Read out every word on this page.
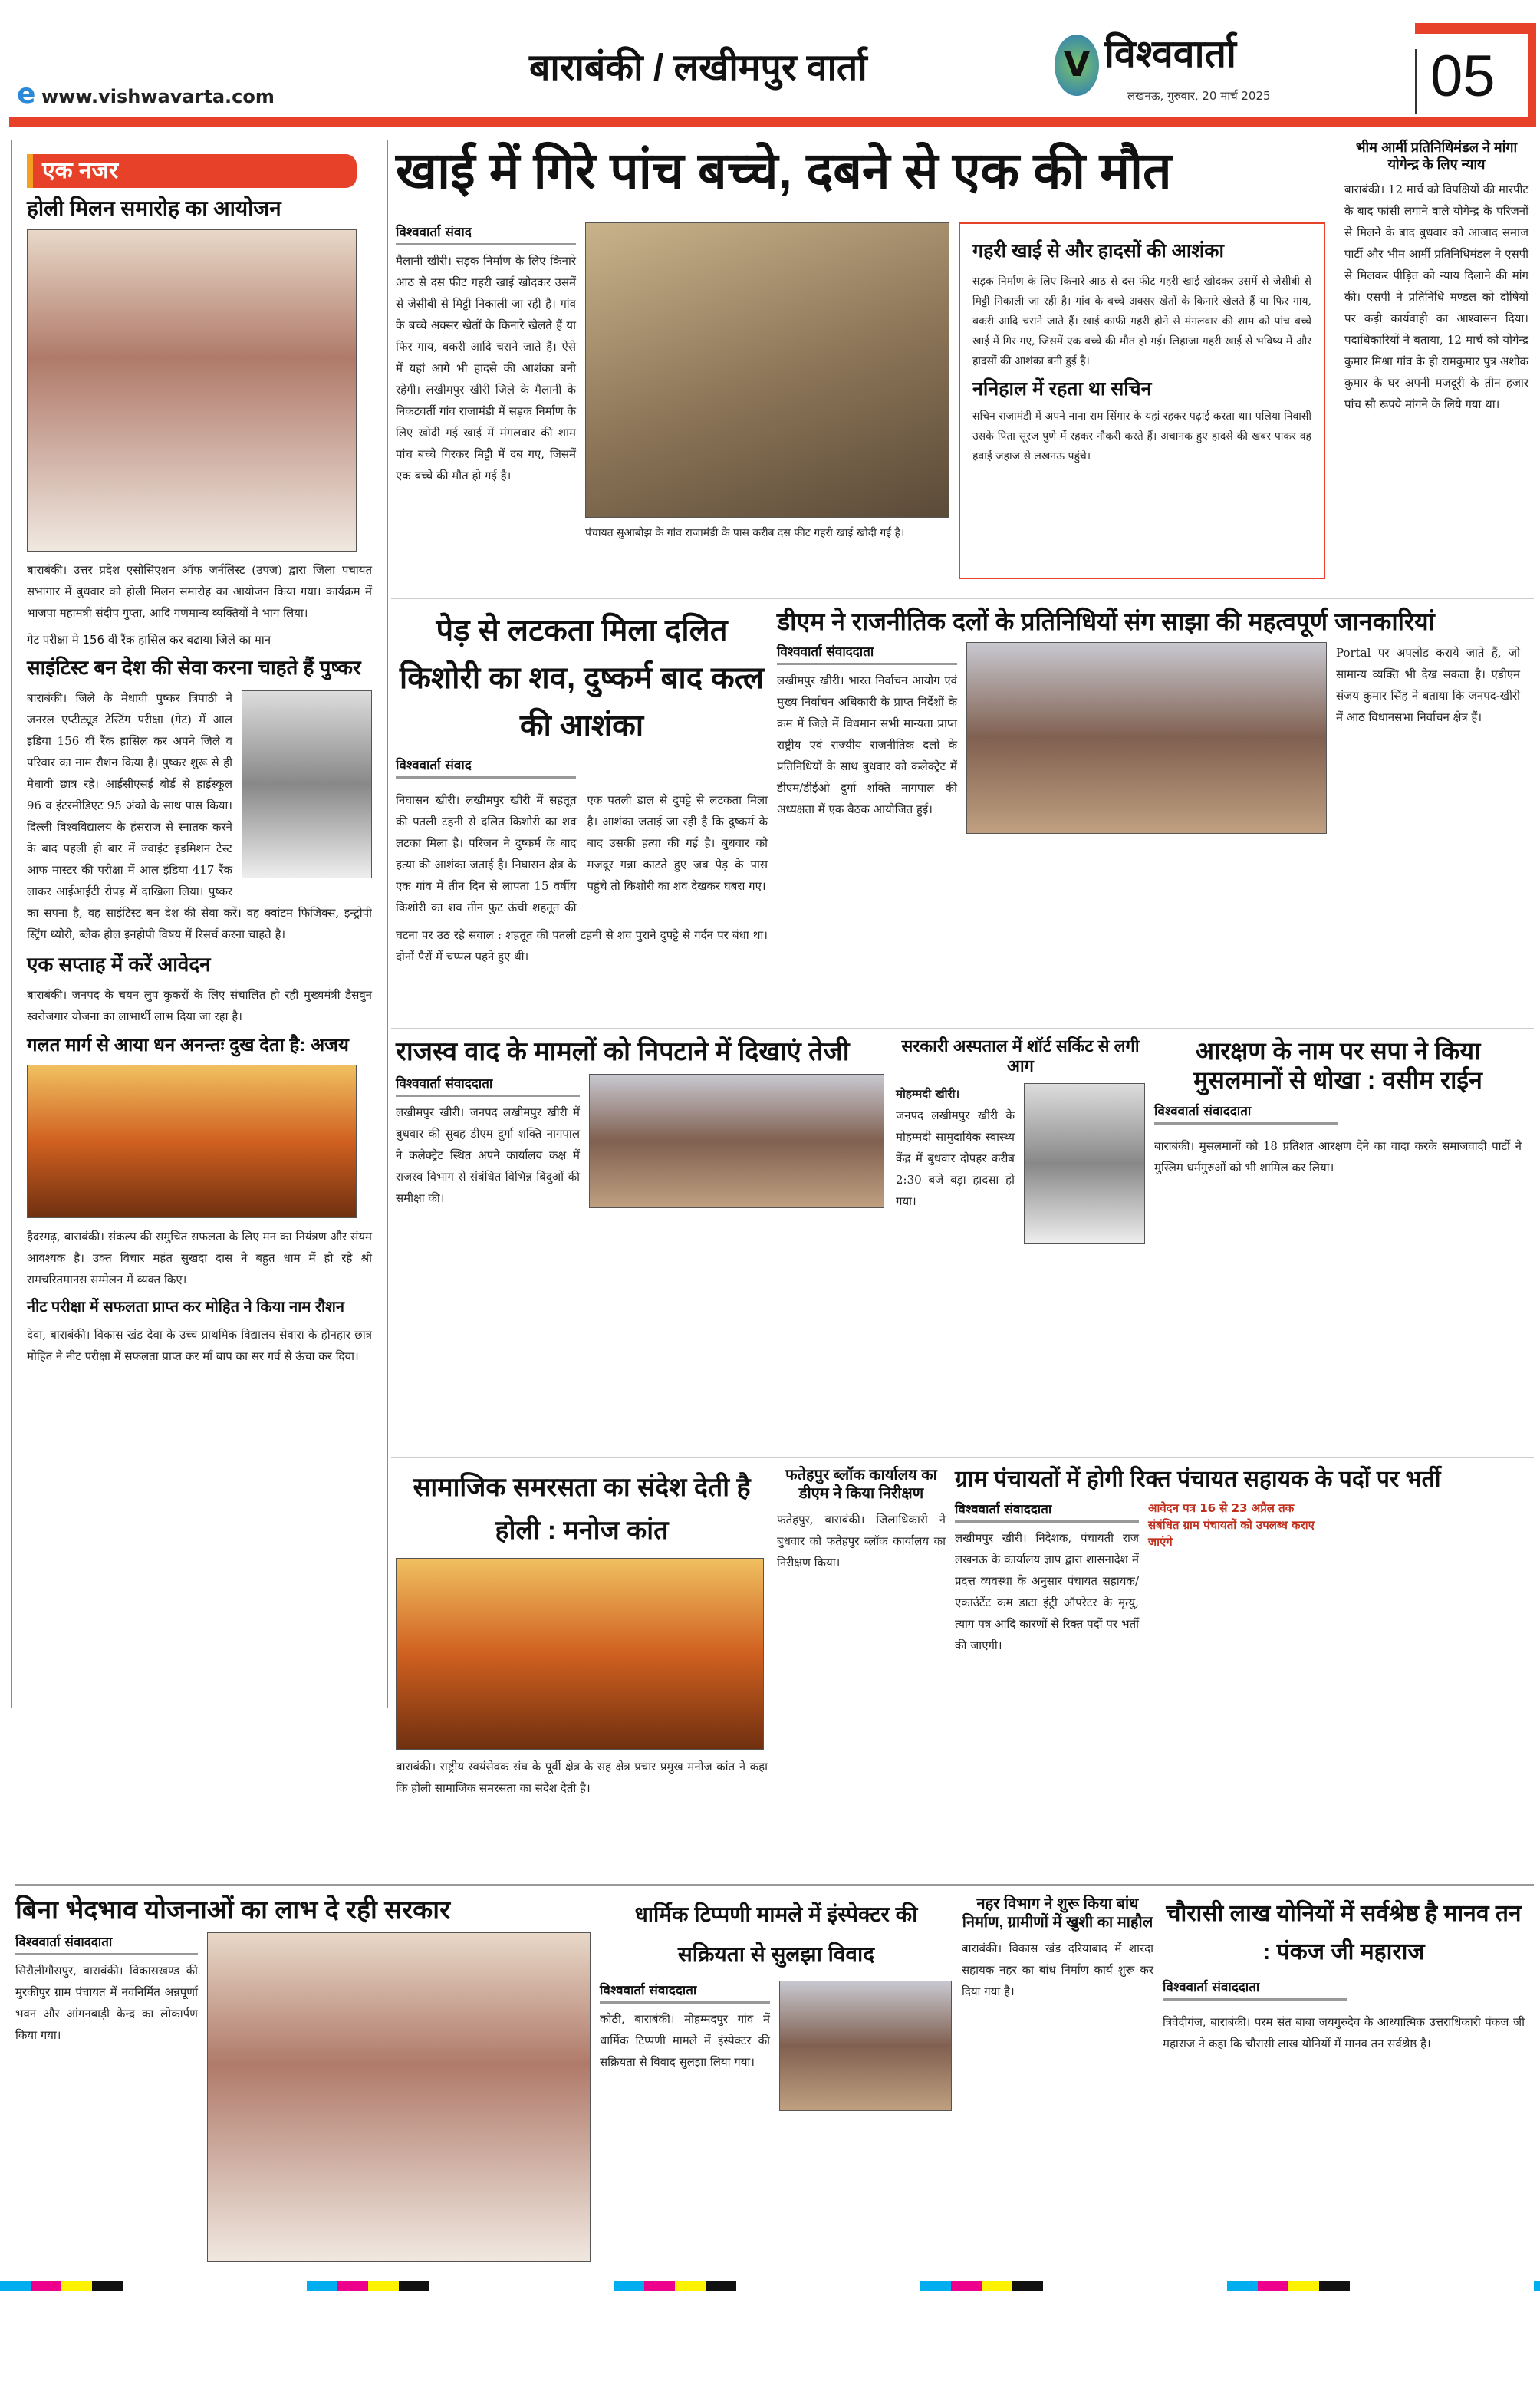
e www.vishwavarta.com
बाराबंकी / लखीमपुर वार्ता	V विश्ववार्ता
लखनऊ, गुरुवार, 20 मार्च 2025	05
एक नजर
होली मिलन समारोह का आयोजन
बाराबंकी। उत्तर प्रदेश एसोसिएशन ऑफ जर्नलिस्ट (उपज) द्वारा जिला पंचायत सभागार में बुधवार को होली मिलन समारोह का आयोजन किया गया। कार्यक्रम में भाजपा महामंत्री संदीप गुप्ता, आदि गणमान्य व्यक्तियों ने भाग लिया।
गेट परीक्षा मे 156 वीं रैंक हासिल कर बढाया जिले का मान
साइंटिस्ट बन देश की सेवा करना चाहते हैं पुष्कर
बाराबंकी। जिले के मेधावी पुष्कर त्रिपाठी ने जनरल एप्टीट्यूड टेस्टिंग परीक्षा (गेट) में आल इंडिया 156 वीं रैंक हासिल कर अपने जिले व परिवार का नाम रौशन किया है। पुष्कर शुरू से ही मेधावी छात्र रहे। आईसीएसई बोर्ड से हाईस्कूल 96 व इंटरमीडिएट 95 अंको के साथ पास किया। दिल्ली विश्वविद्यालय के हंसराज से स्नातक करने के बाद पहली ही बार में ज्वाइंट इडमिशन टेस्ट आफ मास्टर की परीक्षा में आल इंडिया 417 रैंक लाकर आईआईटी रोपड़ में दाखिला लिया। पुष्कर का सपना है, वह साइंटिस्ट बन देश की सेवा करें। वह क्वांटम फिजिक्स, इन्ट्रोपी स्ट्रिंग थ्योरी, ब्लैक होल इनहोपी विषय में रिसर्च करना चाहते है।
एक सप्ताह में करें आवेदन
बाराबंकी। जनपद के चयन लुप कुकरों के लिए संचालित हो रही मुख्यमंत्री डैसवुन स्वरोजगार योजना का लाभार्थी लाभ दिया जा रहा है।
गलत मार्ग से आया धन अनन्तः दुख देता है: अजय
हैदरगढ़, बाराबंकी। संकल्प की समुचित सफलता के लिए मन का नियंत्रण और संयम आवश्यक है। उक्त विचार महंत सुखदा दास ने बहुत धाम में हो रहे श्री रामचरितमानस सम्मेलन में व्यक्त किए।
नीट परीक्षा में सफलता प्राप्त कर मोहित ने किया नाम रौशन
देवा, बाराबंकी। विकास खंड देवा के उच्च प्राथमिक विद्यालय सेवारा के होनहार छात्र मोहित ने नीट परीक्षा में सफलता प्राप्त कर माँ बाप का सर गर्व से ऊंचा कर दिया।
खाई में गिरे पांच बच्चे, दबने से एक की मौत
विश्ववार्ता संवाद
मैलानी खीरी। सड़क निर्माण के लिए किनारे आठ से दस फीट गहरी खाई खोदकर उसमें से जेसीबी से मिट्टी निकाली जा रही है। गांव के बच्चे अक्सर खेतों के किनारे खेलते हैं या फिर गाय, बकरी आदि चराने जाते हैं। ऐसे में यहां आगे भी हादसे की आशंका बनी रहेगी। लखीमपुर खीरी जिले के मैलानी के निकटवर्ती गांव राजामंडी में सड़क निर्माण के लिए खोदी गई खाई में मंगलवार की शाम पांच बच्चे गिरकर मिट्टी में दब गए, जिसमें एक बच्चे की मौत हो गई है।
पंचायत सुआबोझ के गांव राजामंडी के पास करीब दस फीट गहरी खाई खोदी गई है।
गहरी खाई से और हादसों की आशंका
सड़क निर्माण के लिए किनारे आठ से दस फीट गहरी खाई खोदकर उसमें से जेसीबी से मिट्टी निकाली जा रही है। गांव के बच्चे अक्सर खेतों के किनारे खेलते हैं या फिर गाय, बकरी आदि चराने जाते हैं। खाई काफी गहरी होने से मंगलवार की शाम को पांच बच्चे खाई में गिर गए, जिसमें एक बच्चे की मौत हो गई। लिहाजा गहरी खाई से भविष्य में और हादसों की आशंका बनी हुई है।
ननिहाल में रहता था सचिन
सचिन राजामंडी में अपने नाना राम सिंगार के यहां रहकर पढ़ाई करता था। पलिया निवासी उसके पिता सूरज पुणे में रहकर नौकरी करते हैं। अचानक हुए हादसे की खबर पाकर वह हवाई जहाज से लखनऊ पहुंचे।
भीम आर्मी प्रतिनिधिमंडल ने मांगा योगेन्द्र के लिए न्याय
बाराबंकी। 12 मार्च को विपक्षियों की मारपीट के बाद फांसी लगाने वाले योगेन्द्र के परिजनों से मिलने के बाद बुधवार को आजाद समाज पार्टी और भीम आर्मी प्रतिनिधिमंडल ने एसपी से मिलकर पीड़ित को न्याय दिलाने की मांग की। एसपी ने प्रतिनिधि मण्डल को दोषियों पर कड़ी कार्यवाही का आश्वासन दिया। पदाधिकारियों ने बताया, 12 मार्च को योगेन्द्र कुमार मिश्रा गांव के ही रामकुमार पुत्र अशोक कुमार के घर अपनी मजदूरी के तीन हजार पांच सौ रूपये मांगने के लिये गया था।
पेड़ से लटकता मिला दलित किशोरी का शव, दुष्कर्म बाद कत्ल की आशंका
विश्ववार्ता संवाद
निघासन खीरी। लखीमपुर खीरी में सहतूत की पतली टहनी से दलित किशोरी का शव लटका मिला है। परिजन ने दुष्कर्म के बाद हत्या की आशंका जताई है। निघासन क्षेत्र के एक गांव में तीन दिन से लापता 15 वर्षीय किशोरी का शव तीन फुट ऊंची शहतूत की एक पतली डाल से दुपट्टे से लटकता मिला है। आशंका जताई जा रही है कि दुष्कर्म के बाद उसकी हत्या की गई है। बुधवार को मजदूर गन्ना काटते हुए जब पेड़ के पास पहुंचे तो किशोरी का शव देखकर घबरा गए।
घटना पर उठ रहे सवाल : शहतूत की पतली टहनी से शव पुराने दुपट्टे से गर्दन पर बंधा था। दोनों पैरों में चप्पल पहने हुए थी।
डीएम ने राजनीतिक दलों के प्रतिनिधियों संग साझा की महत्वपूर्ण जानकारियां
विश्ववार्ता संवाददाता
लखीमपुर खीरी। भारत निर्वाचन आयोग एवं मुख्य निर्वाचन अधिकारी के प्राप्त निर्देशों के क्रम में जिले में विधमान सभी मान्यता प्राप्त राष्ट्रीय एवं राज्यीय राजनीतिक दलों के प्रतिनिधियों के साथ बुधवार को कलेक्ट्रेट में डीएम/डीईओ दुर्गा शक्ति नागपाल की अध्यक्षता में एक बैठक आयोजित हुई।
Portal पर अपलोड कराये जाते हैं, जो सामान्य व्यक्ति भी देख सकता है। एडीएम संजय कुमार सिंह ने बताया कि जनपद-खीरी में आठ विधानसभा निर्वाचन क्षेत्र हैं।
राजस्व वाद के मामलों को निपटाने में दिखाएं तेजी
विश्ववार्ता संवाददाता
लखीमपुर खीरी। जनपद लखीमपुर खीरी में बुधवार की सुबह डीएम दुर्गा शक्ति नागपाल ने कलेक्ट्रेट स्थित अपने कार्यालय कक्ष में राजस्व विभाग से संबंधित विभिन्न बिंदुओं की समीक्षा की।
सरकारी अस्पताल में शॉर्ट सर्किट से लगी आग
मोहम्मदी खीरी।
जनपद लखीमपुर खीरी के मोहम्मदी सामुदायिक स्वास्थ्य केंद्र में बुधवार दोपहर करीब 2:30 बजे बड़ा हादसा हो गया।
आरक्षण के नाम पर सपा ने किया मुसलमानों से धोखा : वसीम राईन
विश्ववार्ता संवाददाता
बाराबंकी। मुसलमानों को 18 प्रतिशत आरक्षण देने का वादा करके समाजवादी पार्टी ने मुस्लिम धर्मगुरुओं को भी शामिल कर लिया।
सामाजिक समरसता का संदेश देती है होली : मनोज कांत
बाराबंकी। राष्ट्रीय स्वयंसेवक संघ के पूर्वी क्षेत्र के सह क्षेत्र प्रचार प्रमुख मनोज कांत ने कहा कि होली सामाजिक समरसता का संदेश देती है।
फतेहपुर ब्लॉक कार्यालय का डीएम ने किया निरीक्षण
फतेहपुर, बाराबंकी। जिलाधिकारी ने बुधवार को फतेहपुर ब्लॉक कार्यालय का निरीक्षण किया।
ग्राम पंचायतों में होगी रिक्त पंचायत सहायक के पदों पर भर्ती
विश्ववार्ता संवाददाता
लखीमपुर खीरी। निदेशक, पंचायती राज लखनऊ के कार्यालय ज्ञाप द्वारा शासनादेश में प्रदत्त व्यवस्था के अनुसार पंचायत सहायक/एकाउंटेंट कम डाटा इंट्री ऑपरेटर के मृत्यु, त्याग पत्र आदि कारणों से रिक्त पदों पर भर्ती की जाएगी।
आवेदन पत्र 16 से 23 अप्रैल तक संबंधित ग्राम पंचायतों को उपलब्ध कराए जाएंगे
बिना भेदभाव योजनाओं का लाभ दे रही सरकार
विश्ववार्ता संवाददाता
सिरौलीगौसपुर, बाराबंकी। विकासखण्ड की मुरकीपुर ग्राम पंचायत में नवनिर्मित अन्नपूर्णा भवन और आंगनबाड़ी केन्द्र का लोकार्पण किया गया।
धार्मिक टिप्पणी मामले में इंस्पेक्टर की सक्रियता से सुलझा विवाद
विश्ववार्ता संवाददाता
कोठी, बाराबंकी। मोहम्मदपुर गांव में धार्मिक टिप्पणी मामले में इंस्पेक्टर की सक्रियता से विवाद सुलझा लिया गया।
नहर विभाग ने शुरू किया बांध निर्माण, ग्रामीणों में खुशी का माहौल
बाराबंकी। विकास खंड दरियाबाद में शारदा सहायक नहर का बांध निर्माण कार्य शुरू कर दिया गया है।
चौरासी लाख योनियों में सर्वश्रेष्ठ है मानव तन : पंकज जी महाराज
विश्ववार्ता संवाददाता
त्रिवेदीगंज, बाराबंकी। परम संत बाबा जयगुरुदेव के आध्यात्मिक उत्तराधिकारी पंकज जी महाराज ने कहा कि चौरासी लाख योनियों में मानव तन सर्वश्रेष्ठ है।
